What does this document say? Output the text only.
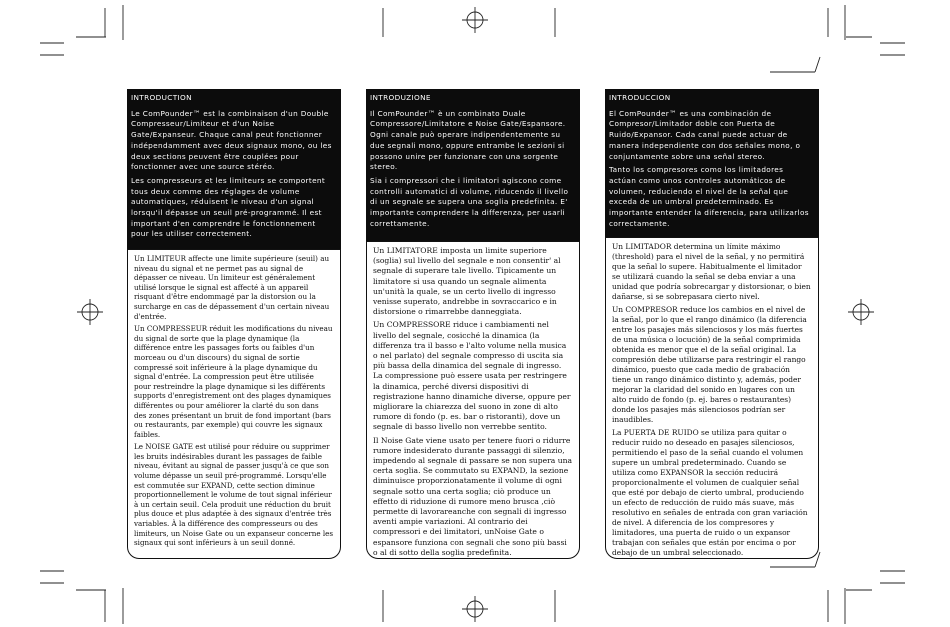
INTRODUCTION

Le ComPounder™ est la combinaison d'un Double Compresseur/Limiteur et d'un Noise Gate/Expanseur. Chaque canal peut fonctionner indépendamment avec deux signaux mono, ou les deux sections peuvent être couplées pour fonctionner avec une source stéréo.

Les compresseurs et les limiteurs se comportent tous deux comme des réglages de volume automatiques, réduisent le niveau d'un signal lorsqu'il dépasse un seuil pré-programmé. Il est important d'en comprendre le fonctionnement pour les utiliser correctement.

Un LIMITEUR affecte une limite supérieure (seuil) au niveau du signal et ne permet pas au signal de dépasser ce niveau. Un limiteur est généralement utilisé lorsque le signal est affecté à un appareil risquant d'être endommagé par la distorsion ou la surcharge en cas de dépassement d'un certain niveau d'entrée.

Un COMPRESSEUR réduit les modifications du niveau du signal de sorte que la plage dynamique (la différence entre les passages forts ou faibles d'un morceau ou d'un discours) du signal de sortie compressé soit inférieure à la plage dynamique du signal d'entrée. La compression peut être utilisée pour restreindre la plage dynamique si les différents supports d'enregistrement ont des plages dynamiques différentes ou pour améliorer la clarté du son dans des zones présentant un bruit de fond important (bars ou restaurants, par exemple) qui couvre les signaux faibles.

Le NOISE GATE est utilisé pour réduire ou supprimer les bruits indésirables durant les passages de faible niveau, évitant au signal de passer jusqu'à ce que son volume dépasse un seuil pré-programmé. Lorsqu'elle est commutée sur EXPAND, cette section diminue proportionnellement le volume de tout signal inférieur à un certain seuil. Cela produit une réduction du bruit plus douce et plus adaptée à des signaux d'entrée très variables. À la différence des compresseurs ou des limiteurs, un Noise Gate ou un expanseur concerne les signaux qui sont inférieurs à un seuil donné.

INTRODUZIONE

Il ComPounder™ è un combinato Duale Compressore/Limitatore e Noise Gate/Espansore. Ogni canale può operare indipendentemente su due segnali mono, oppure entrambe le sezioni si possono unire per funzionare con una sorgente stereo.

Sia i compressori che i limitatori agiscono come controlli automatici di volume, riducendo il livello di un segnale se supera una soglia predefinita. E' importante comprendere la differenza, per usarli correttamente.

Un LIMITATORE imposta un limite superiore (soglia) sul livello del segnale e non consentir' al segnale di superare tale livello. Tipicamente un limitatore si usa quando un segnale alimenta un'unità la quale, se un certo livello di ingresso venisse superato, andrebbe in sovraccarico e in distorsione o rimarrebbe danneggiata.

Un COMPRESSORE riduce i cambiamenti nel livello del segnale, cosicché la dinamica (la differenza tra il basso e l'alto volume nella musica o nel parlato) del segnale compresso di uscita sia più bassa della dinamica del segnale di ingresso. La compressione può essere usata per restringere la dinamica, perché diversi dispositivi di registrazione hanno dinamiche diverse, oppure per migliorare la chiarezza del suono in zone di alto rumore di fondo (p. es. bar o ristoranti), dove un segnale di basso livello non verrebbe sentito.

Il Noise Gate viene usato per tenere fuori o ridurre rumore indesiderato durante passaggi di silenzio, impedendo al segnale di passare se non supera una certa soglia. Se commutato su EXPAND, la sezione diminuisce proporzionatamente il volume di ogni segnale sotto una certa soglia; ciò produce un effetto di riduzione di rumore meno brusca ,ciò permette di lavorareanche con segnali di ingresso aventi ampie variazioni. Al contrario dei compressori e dei limitatori, unNoise Gate o espansore funziona con segnali che sono più bassi o al di sotto della soglia predefinita.

INTRODUCCION

El ComPounder™ es una combinación de Compresor/Limitador doble con Puerta de Ruido/Expansor. Cada canal puede actuar de manera independiente con dos señales mono, o conjuntamente sobre una señal stereo.

Tanto los compresores como los limitadores actúan como unos controles automáticos de volumen, reduciendo el nivel de la señal que exceda de un umbral predeterminado. Es importante entender la diferencia, para utilizarlos correctamente.

Un LIMITADOR determina un límite máximo (threshold) para el nivel de la señal, y no permitirá que la señal lo supere. Habitualmente el limitador se utilizará cuando la señal se deba enviar a una unidad que podría sobrecargar y distorsionar, o bien dañarse, si se sobrepasara cierto nivel.

Un COMPRESOR reduce los cambios en el nivel de la señal, por lo que el rango dinámico (la diferencia entre los pasajes más silenciosos y los más fuertes de una música o locución) de la señal comprimida obtenida es menor que el de la señal original. La compresión debe utilizarse para restringir el rango dinámico, puesto que cada medio de grabación tiene un rango dinámico distinto y, además, poder mejorar la claridad del sonido en lugares con un alto ruido de fondo (p. ej. bares o restaurantes) donde los pasajes más silenciosos podrían ser inaudibles.

La PUERTA DE RUIDO se utiliza para quitar o reducir ruido no deseado en pasajes silenciosos, permitiendo el paso de la señal cuando el volumen supere un umbral predeterminado. Cuando se utiliza como EXPANSOR la sección reducirá proporcionalmente el volumen de cualquier señal que esté por debajo de cierto umbral, produciendo un efecto de reducción de ruido más suave, más resolutivo en señales de entrada con gran variación de nivel. A diferencia de los compresores y limitadores, una puerta de ruido o un expansor trabajan con señales que están por encima o por debajo de un umbral seleccionado.
